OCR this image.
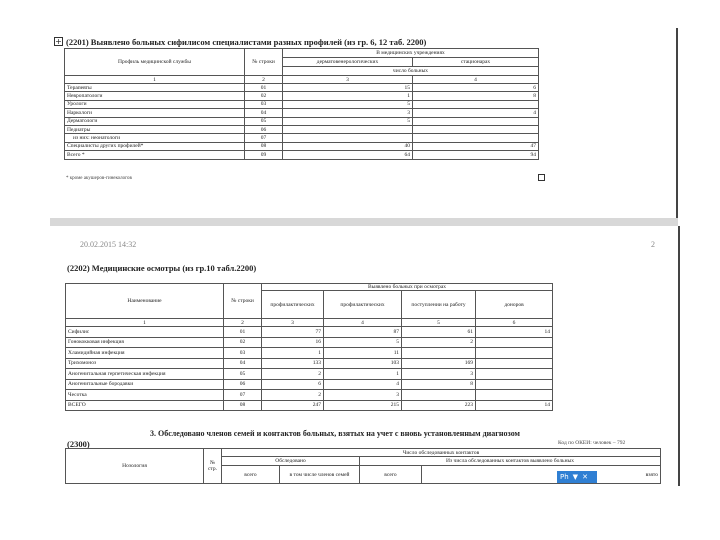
+ (2201) Выявлено больных сифилисом специалистами разных профилей (из гр. 6, 12 таб. 2200)
Профиль медицинской службы	№ строки	В медицинских учреждениях	
		дерматовенерологических	стационарах
		число больных	
1	2	3	4
Терапевты	01	15	6
Невропатологи	02	1	8
Урологи	03	5	
Наркологи	04	3	4
Дерматологи	05	5	
Педиатры	06		
из них: неонатологи	07		
Специалисты других профилей*	08	40	47
Всего *	09	64	94
* кроме акушеров-гинекологов
20.02.2015 14:32	2
(2202) Медицинские осмотры (из гр.10 табл.2200)
Наименование	№ строки	Выявлено больных при осмотрах			
		профилактических	профилактических	поступлении на работу	доноров
1	2	3	4	5	6
Сифилис	01	77	87	61	14
Гонококковая инфекция	02	16	5	2	
Хламидийная инфекция	03	1	11		
Трихомоноз	04	133	103	169	
Аногенитальная герпетическая инфекция	05	2	1	3	
Аногенитальные бородавки	06	6	4	8	
Чесотка	07	2	3		
ВСЕГО	08	247	215	223	14
3. Обследовано членов семей и контактов больных, взятых на учет с вновь установленным диагнозом
(2300)	Код по ОКЕИ: человек – 792
Нозология	№ стр.	Число обследованных контактов			
		Обследовано		Из числа обследованных контактов выявлено больных	
		всего	в том числе членов семей	всего	взято
Ph ▼ ✕
